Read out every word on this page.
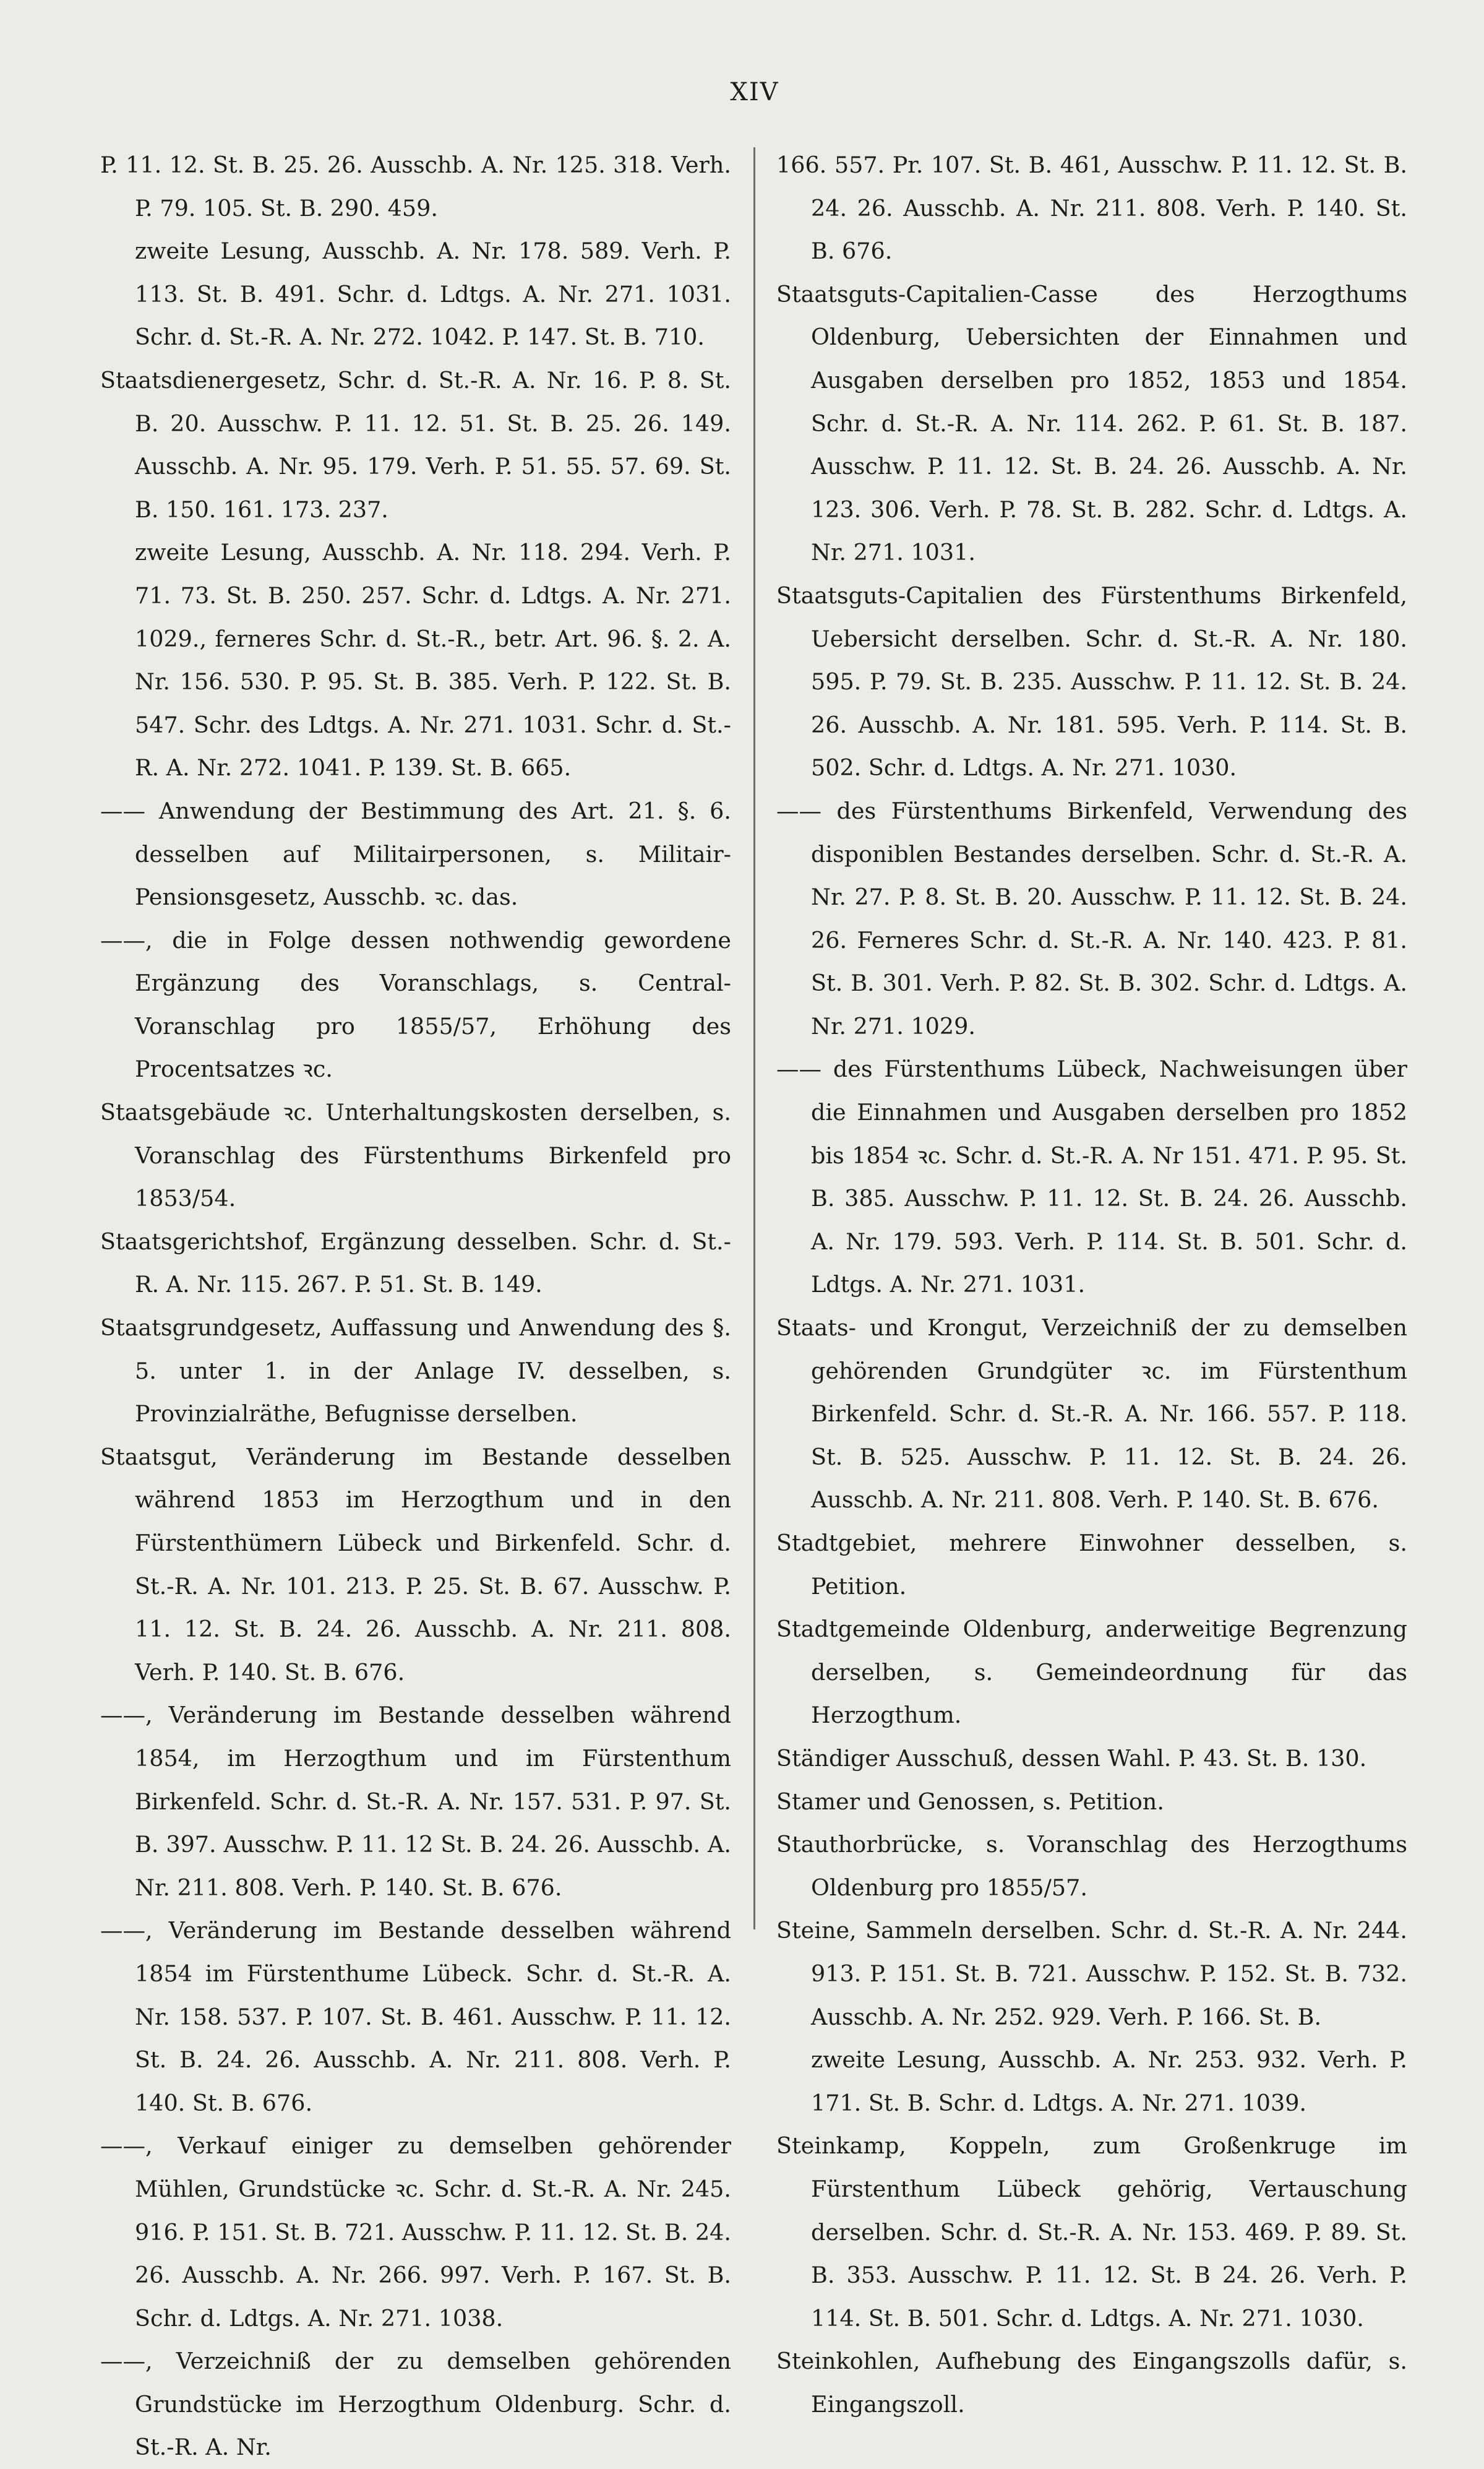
XIV
P. 11. 12. St. B. 25. 26. Ausschb. A. Nr. 125. 318. Verh. P. 79. 105. St. B. 290. 459.
zweite Lesung, Ausschb. A. Nr. 178. 589. Verh. P. 113. St. B. 491. Schr. d. Ldtgs. A. Nr. 271. 1031. Schr. d. St.-R. A. Nr. 272. 1042. P. 147. St. B. 710.
Staatsdienergesetz, Schr. d. St.-R. A. Nr. 16. P. 8. St. B. 20. Ausschw. P. 11. 12. 51. St. B. 25. 26. 149. Ausschb. A. Nr. 95. 179. Verh. P. 51. 55. 57. 69. St. B. 150. 161. 173. 237.
zweite Lesung, Ausschb. A. Nr. 118. 294. Verh. P. 71. 73. St. B. 250. 257. Schr. d. Ldtgs. A. Nr. 271. 1029., ferneres Schr. d. St.-R., betr. Art. 96. §. 2. A. Nr. 156. 530. P. 95. St. B. 385. Verh. P. 122. St. B. 547. Schr. des Ldtgs. A. Nr. 271. 1031. Schr. d. St.-R. A. Nr. 272. 1041. P. 139. St. B. 665.
—— Anwendung der Bestimmung des Art. 21. §. 6. desselben auf Militairpersonen, s. Militair-Pensionsgesetz, Ausschb. ꝛc. das.
——, die in Folge dessen nothwendig gewordene Ergänzung des Voranschlags, s. Central-Voranschlag pro 1855/57, Erhöhung des Procentsatzes ꝛc.
Staatsgebäude ꝛc. Unterhaltungskosten derselben, s. Voranschlag des Fürstenthums Birkenfeld pro 1853/54.
Staatsgerichtshof, Ergänzung desselben. Schr. d. St.-R. A. Nr. 115. 267. P. 51. St. B. 149.
Staatsgrundgesetz, Auffassung und Anwendung des §. 5. unter 1. in der Anlage IV. desselben, s. Provinzialräthe, Befugnisse derselben.
Staatsgut, Veränderung im Bestande desselben während 1853 im Herzogthum und in den Fürstenthümern Lübeck und Birkenfeld. Schr. d. St.-R. A. Nr. 101. 213. P. 25. St. B. 67. Ausschw. P. 11. 12. St. B. 24. 26. Ausschb. A. Nr. 211. 808. Verh. P. 140. St. B. 676.
——, Veränderung im Bestande desselben während 1854, im Herzogthum und im Fürstenthum Birkenfeld. Schr. d. St.-R. A. Nr. 157. 531. P. 97. St. B. 397. Ausschw. P. 11. 12 St. B. 24. 26. Ausschb. A. Nr. 211. 808. Verh. P. 140. St. B. 676.
——, Veränderung im Bestande desselben während 1854 im Fürstenthume Lübeck. Schr. d. St.-R. A. Nr. 158. 537. P. 107. St. B. 461. Ausschw. P. 11. 12. St. B. 24. 26. Ausschb. A. Nr. 211. 808. Verh. P. 140. St. B. 676.
——, Verkauf einiger zu demselben gehörender Mühlen, Grundstücke ꝛc. Schr. d. St.-R. A. Nr. 245. 916. P. 151. St. B. 721. Ausschw. P. 11. 12. St. B. 24. 26. Ausschb. A. Nr. 266. 997. Verh. P. 167. St. B. Schr. d. Ldtgs. A. Nr. 271. 1038.
——, Verzeichniß der zu demselben gehörenden Grundstücke im Herzogthum Oldenburg. Schr. d. St.-R. A. Nr.
166. 557. Pr. 107. St. B. 461, Ausschw. P. 11. 12. St. B. 24. 26. Ausschb. A. Nr. 211. 808. Verh. P. 140. St. B. 676.
Staatsguts-Capitalien-Casse des Herzogthums Oldenburg, Uebersichten der Einnahmen und Ausgaben derselben pro 1852, 1853 und 1854. Schr. d. St.-R. A. Nr. 114. 262. P. 61. St. B. 187. Ausschw. P. 11. 12. St. B. 24. 26. Ausschb. A. Nr. 123. 306. Verh. P. 78. St. B. 282. Schr. d. Ldtgs. A. Nr. 271. 1031.
Staatsguts-Capitalien des Fürstenthums Birkenfeld, Uebersicht derselben. Schr. d. St.-R. A. Nr. 180. 595. P. 79. St. B. 235. Ausschw. P. 11. 12. St. B. 24. 26. Ausschb. A. Nr. 181. 595. Verh. P. 114. St. B. 502. Schr. d. Ldtgs. A. Nr. 271. 1030.
—— des Fürstenthums Birkenfeld, Verwendung des disponiblen Bestandes derselben. Schr. d. St.-R. A. Nr. 27. P. 8. St. B. 20. Ausschw. P. 11. 12. St. B. 24. 26. Ferneres Schr. d. St.-R. A. Nr. 140. 423. P. 81. St. B. 301. Verh. P. 82. St. B. 302. Schr. d. Ldtgs. A. Nr. 271. 1029.
—— des Fürstenthums Lübeck, Nachweisungen über die Einnahmen und Ausgaben derselben pro 1852 bis 1854 ꝛc. Schr. d. St.-R. A. Nr 151. 471. P. 95. St. B. 385. Ausschw. P. 11. 12. St. B. 24. 26. Ausschb. A. Nr. 179. 593. Verh. P. 114. St. B. 501. Schr. d. Ldtgs. A. Nr. 271. 1031.
Staats- und Krongut, Verzeichniß der zu demselben gehörenden Grundgüter ꝛc. im Fürstenthum Birkenfeld. Schr. d. St.-R. A. Nr. 166. 557. P. 118. St. B. 525. Ausschw. P. 11. 12. St. B. 24. 26. Ausschb. A. Nr. 211. 808. Verh. P. 140. St. B. 676.
Stadtgebiet, mehrere Einwohner desselben, s. Petition.
Stadtgemeinde Oldenburg, anderweitige Begrenzung derselben, s. Gemeindeordnung für das Herzogthum.
Ständiger Ausschuß, dessen Wahl. P. 43. St. B. 130.
Stamer und Genossen, s. Petition.
Stauthorbrücke, s. Voranschlag des Herzogthums Oldenburg pro 1855/57.
Steine, Sammeln derselben. Schr. d. St.-R. A. Nr. 244. 913. P. 151. St. B. 721. Ausschw. P. 152. St. B. 732. Ausschb. A. Nr. 252. 929. Verh. P. 166. St. B.
zweite Lesung, Ausschb. A. Nr. 253. 932. Verh. P. 171. St. B. Schr. d. Ldtgs. A. Nr. 271. 1039.
Steinkamp, Koppeln, zum Großenkruge im Fürstenthum Lübeck gehörig, Vertauschung derselben. Schr. d. St.-R. A. Nr. 153. 469. P. 89. St. B. 353. Ausschw. P. 11. 12. St. B 24. 26. Verh. P. 114. St. B. 501. Schr. d. Ldtgs. A. Nr. 271. 1030.
Steinkohlen, Aufhebung des Eingangszolls dafür, s. Eingangszoll.
